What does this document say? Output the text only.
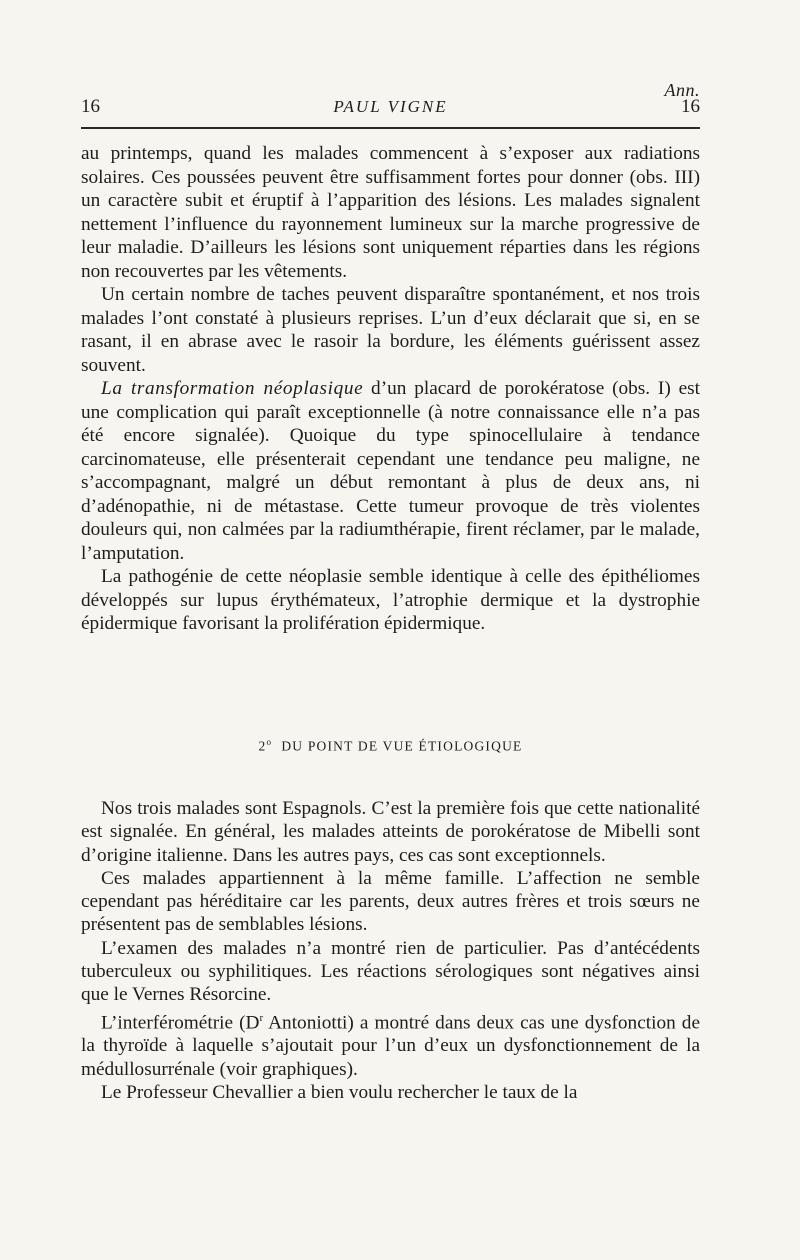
Ann.
16	PAUL VIGNE	16

au printemps, quand les malades commencent à s’exposer aux radiations solaires. Ces poussées peuvent être suffisamment fortes pour donner (obs. III) un caractère subit et éruptif à l’apparition des lésions. Les malades signalent nettement l’influence du rayonnement lumineux sur la marche progressive de leur maladie. D’ailleurs les lésions sont uniquement réparties dans les régions non recouvertes par les vêtements.

Un certain nombre de taches peuvent disparaître spontanément, et nos trois malades l’ont constaté à plusieurs reprises. L’un d’eux déclarait que si, en se rasant, il en abrase avec le rasoir la bordure, les éléments guérissent assez souvent.

La transformation néoplasique d’un placard de porokératose (obs. I) est une complication qui paraît exceptionnelle (à notre connaissance elle n’a pas été encore signalée). Quoique du type spinocellulaire à tendance carcinomateuse, elle présenterait cependant une tendance peu maligne, ne s’accompagnant, malgré un début remontant à plus de deux ans, ni d’adénopathie, ni de métastase. Cette tumeur provoque de très violentes douleurs qui, non calmées par la radiumthérapie, firent réclamer, par le malade, l’amputation.

La pathogénie de cette néoplasie semble identique à celle des épithéliomes développés sur lupus érythémateux, l’atrophie dermique et la dystrophie épidermique favorisant la prolifération épidermique.

2$^o$ DU POINT DE VUE ÉTIOLOGIQUE

Nos trois malades sont Espagnols. C’est la première fois que cette nationalité est signalée. En général, les malades atteints de porokératose de Mibelli sont d’origine italienne. Dans les autres pays, ces cas sont exceptionnels.

Ces malades appartiennent à la même famille. L’affection ne semble cependant pas héréditaire car les parents, deux autres frères et trois sœurs ne présentent pas de semblables lésions.

L’examen des malades n’a montré rien de particulier. Pas d’antécédents tuberculeux ou syphilitiques. Les réactions sérologiques sont négatives ainsi que le Vernes Résorcine.

L’interférométrie ($D^r$ Antoniotti) a montré dans deux cas une dysfonction de la thyroïde à laquelle s’ajoutait pour l’un d’eux un dysfonctionnement de la médullosurrénale (voir graphiques).

Le Professeur Chevallier a bien voulu rechercher le taux de la
